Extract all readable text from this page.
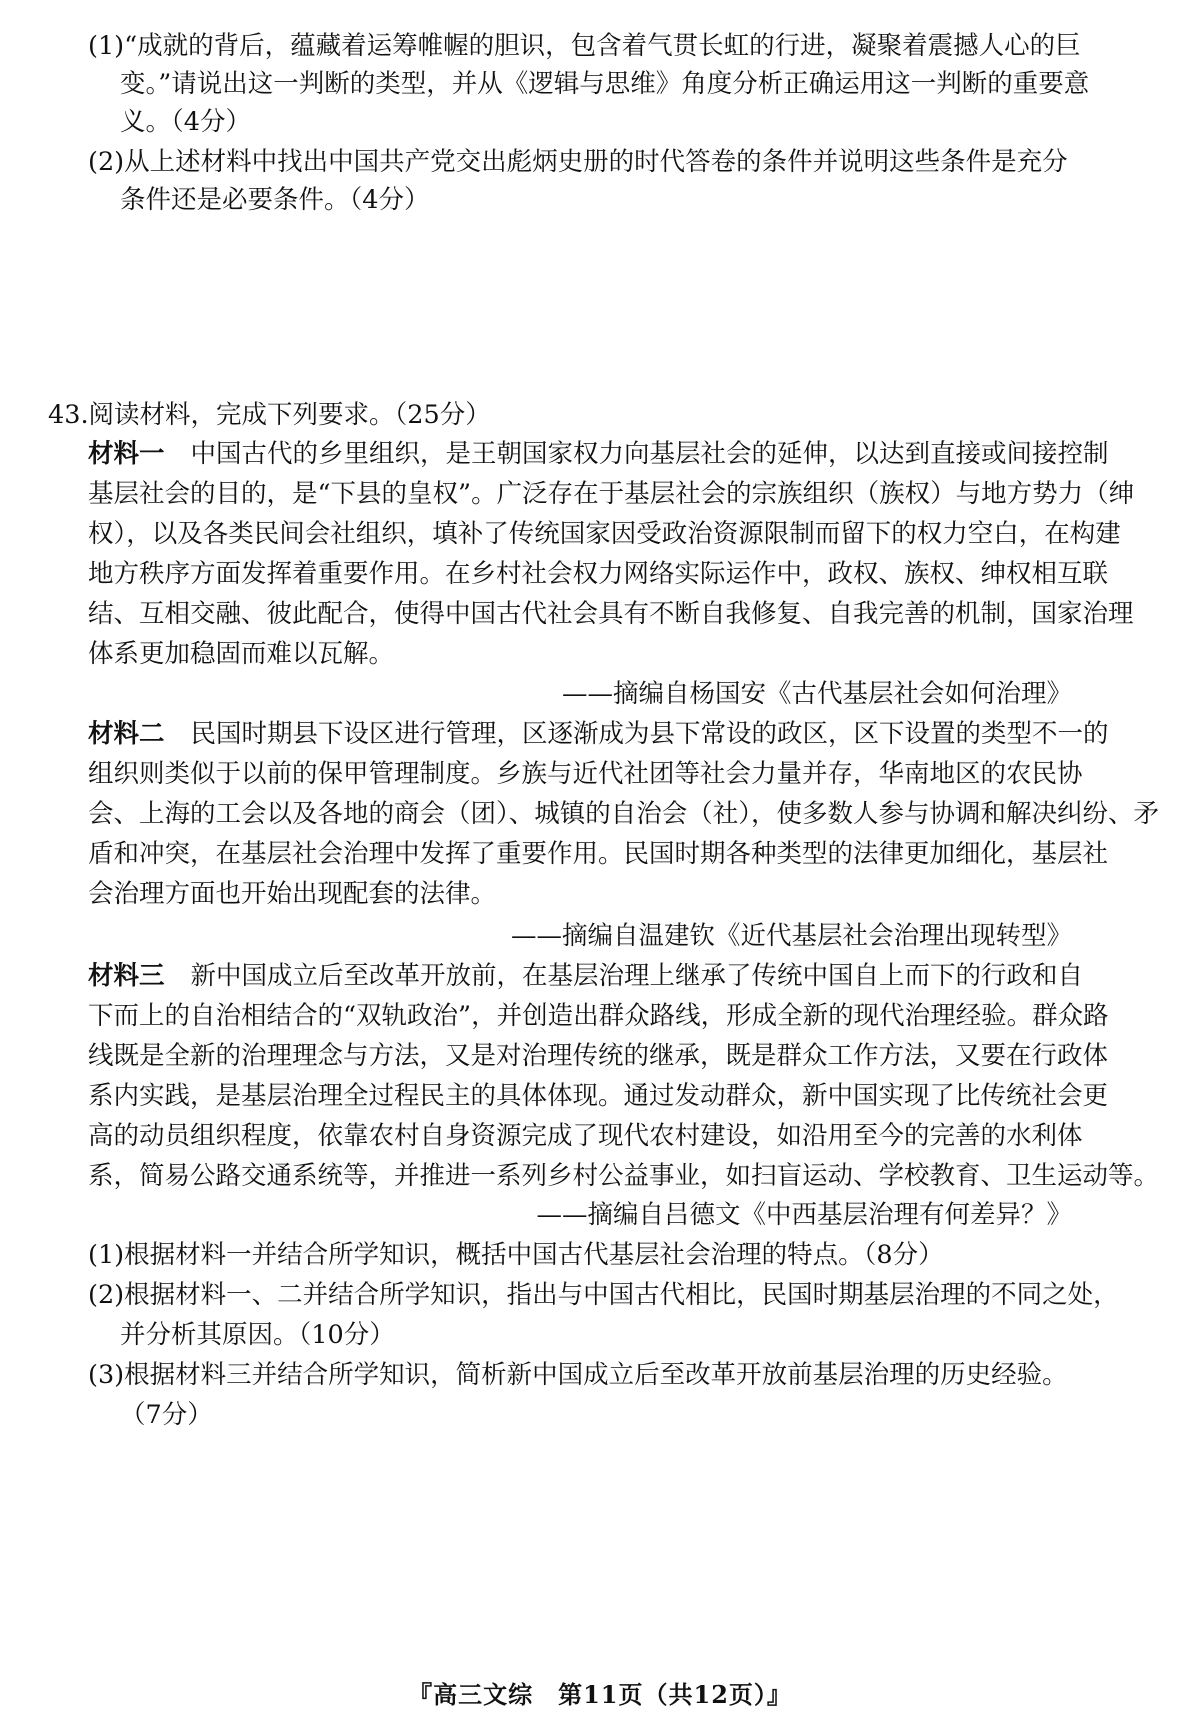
(1)“成就的背后，蕴藏着运筹帷幄的胆识，包含着气贯长虹的行进，凝聚着震撼人心的巨
变。”请说出这一判断的类型，并从《逻辑与思维》角度分析正确运用这一判断的重要意
义。（4分）
(2)从上述材料中找出中国共产党交出彪炳史册的时代答卷的条件并说明这些条件是充分
条件还是必要条件。（4分）
43.阅读材料，完成下列要求。（25分）
材料一 中国古代的乡里组织，是王朝国家权力向基层社会的延伸，以达到直接或间接控制
基层社会的目的，是“下县的皇权”。广泛存在于基层社会的宗族组织（族权）与地方势力（绅
权），以及各类民间会社组织，填补了传统国家因受政治资源限制而留下的权力空白，在构建
地方秩序方面发挥着重要作用。在乡村社会权力网络实际运作中，政权、族权、绅权相互联
结、互相交融、彼此配合，使得中国古代社会具有不断自我修复、自我完善的机制，国家治理
体系更加稳固而难以瓦解。
——摘编自杨国安《古代基层社会如何治理》
材料二 民国时期县下设区进行管理，区逐渐成为县下常设的政区，区下设置的类型不一的
组织则类似于以前的保甲管理制度。乡族与近代社团等社会力量并存，华南地区的农民协
会、上海的工会以及各地的商会（团）、城镇的自治会（社），使多数人参与协调和解决纠纷、矛
盾和冲突，在基层社会治理中发挥了重要作用。民国时期各种类型的法律更加细化，基层社
会治理方面也开始出现配套的法律。
——摘编自温建钦《近代基层社会治理出现转型》
材料三 新中国成立后至改革开放前，在基层治理上继承了传统中国自上而下的行政和自
下而上的自治相结合的“双轨政治”，并创造出群众路线，形成全新的现代治理经验。群众路
线既是全新的治理理念与方法，又是对治理传统的继承，既是群众工作方法，又要在行政体
系内实践，是基层治理全过程民主的具体体现。通过发动群众，新中国实现了比传统社会更
高的动员组织程度，依靠农村自身资源完成了现代农村建设，如沿用至今的完善的水利体
系，简易公路交通系统等，并推进一系列乡村公益事业，如扫盲运动、学校教育、卫生运动等。
——摘编自吕德文《中西基层治理有何差异？》
(1)根据材料一并结合所学知识，概括中国古代基层社会治理的特点。（8分）
(2)根据材料一、二并结合所学知识，指出与中国古代相比，民国时期基层治理的不同之处，
并分析其原因。（10分）
(3)根据材料三并结合所学知识，简析新中国成立后至改革开放前基层治理的历史经验。
（7分）
『高三文综　第11页（共12页）』
